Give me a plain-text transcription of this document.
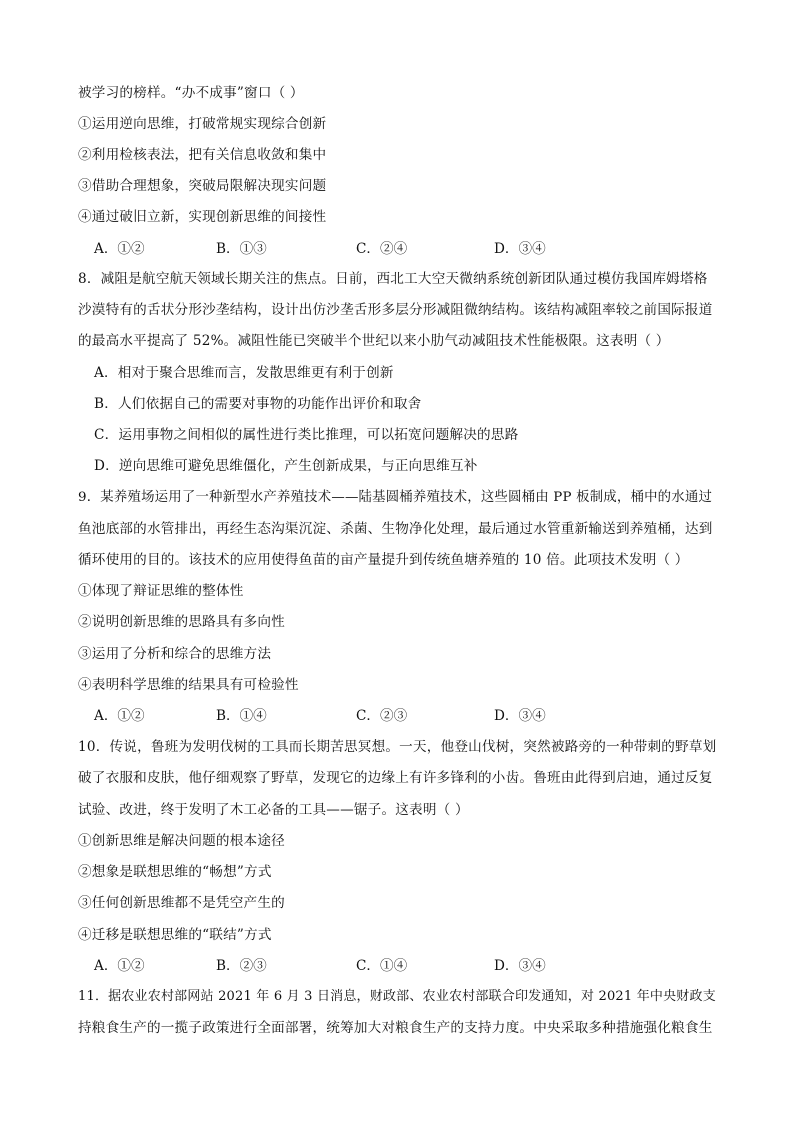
被学习的榜样。“办不成事”窗口（ ）
①运用逆向思维，打破常规实现综合创新
②利用检核表法，把有关信息收敛和集中
③借助合理想象，突破局限解决现实问题
④通过破旧立新，实现创新思维的间接性
A．①②	B．①③	C．②④	D．③④
8．减阻是航空航天领域长期关注的焦点。日前，西北工大空天微纳系统创新团队通过模仿我国库姆塔格
沙漠特有的舌状分形沙垄结构，设计出仿沙垄舌形多层分形减阻微纳结构。该结构减阻率较之前国际报道
的最高水平提高了 52%。减阻性能已突破半个世纪以来小肋气动减阻技术性能极限。这表明（ ）
A．相对于聚合思维而言，发散思维更有利于创新
B．人们依据自己的需要对事物的功能作出评价和取舍
C．运用事物之间相似的属性进行类比推理，可以拓宽问题解决的思路
D．逆向思维可避免思维僵化，产生创新成果，与正向思维互补
9．某养殖场运用了一种新型水产养殖技术——陆基圆桶养殖技术，这些圆桶由 PP 板制成，桶中的水通过
鱼池底部的水管排出，再经生态沟渠沉淀、杀菌、生物净化处理，最后通过水管重新输送到养殖桶，达到
循环使用的目的。该技术的应用使得鱼苗的亩产量提升到传统鱼塘养殖的 10 倍。此项技术发明（ ）
①体现了辩证思维的整体性
②说明创新思维的思路具有多向性
③运用了分析和综合的思维方法
④表明科学思维的结果具有可检验性
A．①②	B．①④	C．②③	D．③④
10．传说，鲁班为发明伐树的工具而长期苦思冥想。一天，他登山伐树，突然被路旁的一种带刺的野草划
破了衣服和皮肤，他仔细观察了野草，发现它的边缘上有许多锋利的小齿。鲁班由此得到启迪，通过反复
试验、改进，终于发明了木工必备的工具——锯子。这表明（ ）
①创新思维是解决问题的根本途径
②想象是联想思维的“畅想”方式
③任何创新思维都不是凭空产生的
④迁移是联想思维的“联结”方式
A．①②	B．②③	C．①④	D．③④
11．据农业农村部网站 2021 年 6 月 3 日消息，财政部、农业农村部联合印发通知，对 2021 年中央财政支
持粮食生产的一揽子政策进行全面部署，统筹加大对粮食生产的支持力度。中央采取多种措施强化粮食生
